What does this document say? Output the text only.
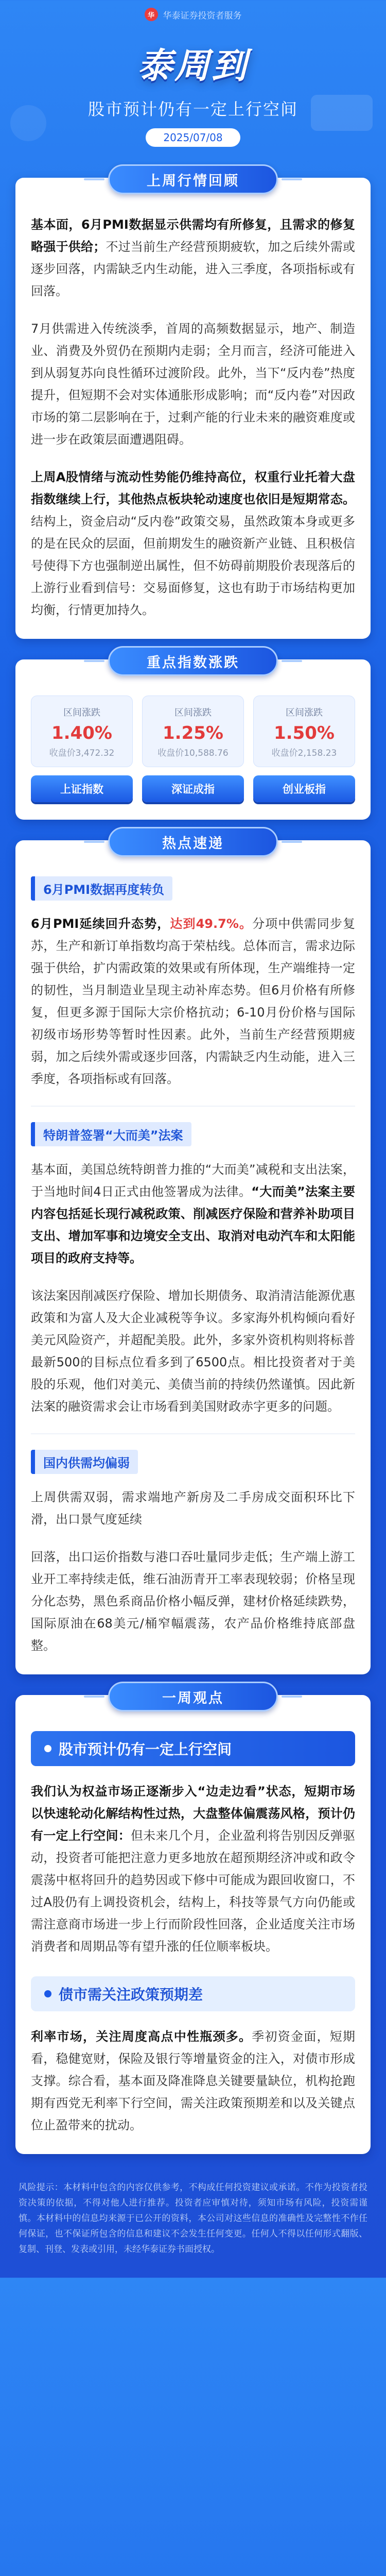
华 华泰证券投资者服务
泰周到
股市预计仍有一定上行空间
2025/07/08
上周行情回顾

基本面，6月PMI数据显示供需均有所修复，且需求的修复略强于供给；不过当前生产经营预期疲软，加之后续外需或逐步回落，内需缺乏内生动能，进入三季度，各项指标或有回落。

7月供需进入传统淡季，首周的高频数据显示，地产、制造业、消费及外贸仍在预期内走弱；全月而言，经济可能进入到从弱复苏向良性循环过渡阶段。此外，当下“反内卷”热度提升，但短期不会对实体通胀形成影响；而“反内卷”对因政市场的第二层影响在于，过剩产能的行业未来的融资难度或进一步在政策层面遭遇阻碍。

上周A股情绪与流动性势能仍维持高位，权重行业托着大盘指数继续上行，其他热点板块轮动速度也依旧是短期常态。结构上，资金启动“反内卷”政策交易，虽然政策本身或更多的是在民众的层面，但前期发生的融资新产业链、且积极信号使得下方也强制逆出属性，但不妨碍前期股价表现落后的上游行业看到信号：交易面修复，这也有助于市场结构更加均衡，行情更加持久。

重点指数涨跌
区间涨跌
1.40%
收盘价3,472.32
上证指数
区间涨跌
1.25%
收盘价10,588.76
深证成指
区间涨跌
1.50%
收盘价2,158.23
创业板指
热点速递
6月PMI数据再度转负

6月PMI延续回升态势，达到49.7%。分项中供需同步复苏，生产和新订单指数均高于荣枯线。总体而言，需求边际强于供给，扩内需政策的效果或有所体现，生产端维持一定的韧性，当月制造业呈现主动补库态势。但6月价格有所修复，但更多源于国际大宗价格抗动；6-10月份价格与国际初级市场形势等暂时性因素。此外，当前生产经营预期疲弱，加之后续外需或逐步回落，内需缺乏内生动能，进入三季度，各项指标或有回落。

特朗普签署“大而美”法案

基本面，美国总统特朗普力推的“大而美”减税和支出法案，于当地时间4日正式由他签署成为法律。“大而美”法案主要内容包括延长现行减税政策、削减医疗保险和营养补助项目支出、增加军事和边境安全支出、取消对电动汽车和太阳能项目的政府支持等。

该法案因削减医疗保险、增加长期债务、取消清洁能源优惠政策和为富人及大企业减税等争议。多家海外机构倾向看好美元风险资产，并超配美股。此外，多家外资机构则将标普最新500的目标点位看多到了6500点。相比投资者对于美股的乐观，他们对美元、美债当前的持续仍然谨慎。因此新法案的融资需求会让市场看到美国财政赤字更多的问题。

国内供需均偏弱

上周供需双弱，需求端地产新房及二手房成交面积环比下滑，出口景气度延续

回落，出口运价指数与港口吞吐量同步走低；生产端上游工业开工率持续走低，维石油沥青开工率表现较弱；价格呈现分化态势，黑色系商品价格小幅反弹，建材价格延续跌势，国际原油在68美元/桶窄幅震荡，农产品价格维持底部盘整。

一周观点
股市预计仍有一定上行空间

我们认为权益市场正逐渐步入“边走边看”状态，短期市场以快速轮动化解结构性过热，大盘整体偏震荡风格，预计仍有一定上行空间：但未来几个月，企业盈利将告别因反弹驱动，投资者可能把注意力更多地放在超预期经济冲或和政令震荡中枢将回升的趋势因或下修中可能成为跟回收窗口，不过A股仍有上调投资机会，结构上，科技等景气方向仍能或需注意商市场进一步上行而阶段性回落，企业适度关注市场消费者和周期品等有望升涨的任位顺率板块。

债市需关注政策预期差

利率市场，关注周度高点中性瓶颈多。季初资金面，短期看，稳健宽财，保险及银行等增量资金的注入，对债市形成支撑。综合看，基本面及降准降息关键要量缺位，机构抢跑期有西党无利率下行空间，需关注政策预期差和以及关键点位止盈带来的扰动。

风险提示：本材料中包含的内容仅供参考，不构成任何投资建议或承诺。不作为投资者投资决策的依据，不得对他人进行推荐。投资者应审慎对待，须知市场有风险，投资需谨慎。本材料中的信息均来源于已公开的资料，本公司对这些信息的准确性及完整性不作任何保证，也不保证所包含的信息和建议不会发生任何变更。任何人不得以任何形式翻版、复制、刊登、发表或引用，未经华泰证券书面授权。
